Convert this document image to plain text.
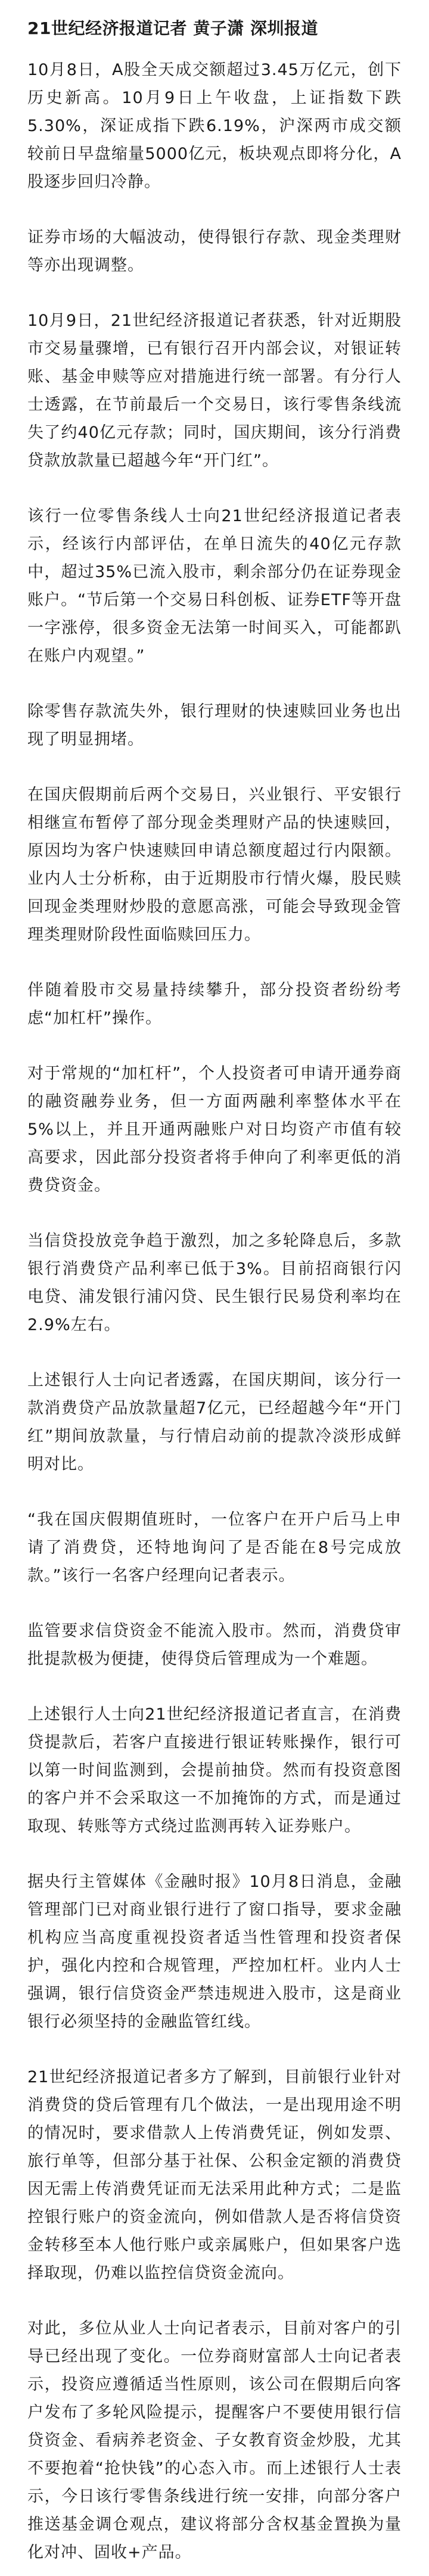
21世纪经济报道记者 黄子潇 深圳报道

10月8日，A股全天成交额超过3.45万亿元，创下历史新高。10月9日上午收盘，上证指数下跌5.30%，深证成指下跌6.19%，沪深两市成交额较前日早盘缩量5000亿元，板块观点即将分化，A股逐步回归冷静。

证券市场的大幅波动，使得银行存款、现金类理财等亦出现调整。

10月9日，21世纪经济报道记者获悉，针对近期股市交易量骤增，已有银行召开内部会议，对银证转账、基金申赎等应对措施进行统一部署。有分行人士透露，在节前最后一个交易日，该行零售条线流失了约40亿元存款；同时，国庆期间，该分行消费贷款放款量已超越今年“开门红”。

该行一位零售条线人士向21世纪经济报道记者表示，经该行内部评估，在单日流失的40亿元存款中，超过35%已流入股市，剩余部分仍在证券现金账户。“节后第一个交易日科创板、证券ETF等开盘一字涨停，很多资金无法第一时间买入，可能都趴在账户内观望。”

除零售存款流失外，银行理财的快速赎回业务也出现了明显拥堵。

在国庆假期前后两个交易日，兴业银行、平安银行相继宣布暂停了部分现金类理财产品的快速赎回，原因均为客户快速赎回申请总额度超过行内限额。业内人士分析称，由于近期股市行情火爆，股民赎回现金类理财炒股的意愿高涨，可能会导致现金管理类理财阶段性面临赎回压力。

伴随着股市交易量持续攀升，部分投资者纷纷考虑“加杠杆”操作。

对于常规的“加杠杆”，个人投资者可申请开通券商的融资融券业务，但一方面两融利率整体水平在5%以上，并且开通两融账户对日均资产市值有较高要求，因此部分投资者将手伸向了利率更低的消费贷资金。

当信贷投放竞争趋于激烈，加之多轮降息后，多款银行消费贷产品利率已低于3%。目前招商银行闪电贷、浦发银行浦闪贷、民生银行民易贷利率均在2.9%左右。

上述银行人士向记者透露，在国庆期间，该分行一款消费贷产品放款量超7亿元，已经超越今年“开门红”期间放款量，与行情启动前的提款冷淡形成鲜明对比。

“我在国庆假期值班时，一位客户在开户后马上申请了消费贷，还特地询问了是否能在8号完成放款。”该行一名客户经理向记者表示。

监管要求信贷资金不能流入股市。然而，消费贷审批提款极为便捷，使得贷后管理成为一个难题。

上述银行人士向21世纪经济报道记者直言，在消费贷提款后，若客户直接进行银证转账操作，银行可以第一时间监测到，会提前抽贷。然而有投资意图的客户并不会采取这一不加掩饰的方式，而是通过取现、转账等方式绕过监测再转入证券账户。

据央行主管媒体《金融时报》10月8日消息，金融管理部门已对商业银行进行了窗口指导，要求金融机构应当高度重视投资者适当性管理和投资者保护，强化内控和合规管理，严控加杠杆。业内人士强调，银行信贷资金严禁违规进入股市，这是商业银行必须坚持的金融监管红线。

21世纪经济报道记者多方了解到，目前银行业针对消费贷的贷后管理有几个做法，一是出现用途不明的情况时，要求借款人上传消费凭证，例如发票、旅行单等，但部分基于社保、公积金定额的消费贷因无需上传消费凭证而无法采用此种方式；二是监控银行账户的资金流向，例如借款人是否将信贷资金转移至本人他行账户或亲属账户，但如果客户选择取现，仍难以监控信贷资金流向。

对此，多位从业人士向记者表示，目前对客户的引导已经出现了变化。一位券商财富部人士向记者表示，投资应遵循适当性原则，该公司在假期后向客户发布了多轮风险提示，提醒客户不要使用银行信贷资金、看病养老资金、子女教育资金炒股，尤其不要抱着“抢快钱”的心态入市。而上述银行人士表示，今日该行零售条线进行统一安排，向部分客户推送基金调仓观点，建议将部分含权基金置换为量化对冲、固收+产品。
